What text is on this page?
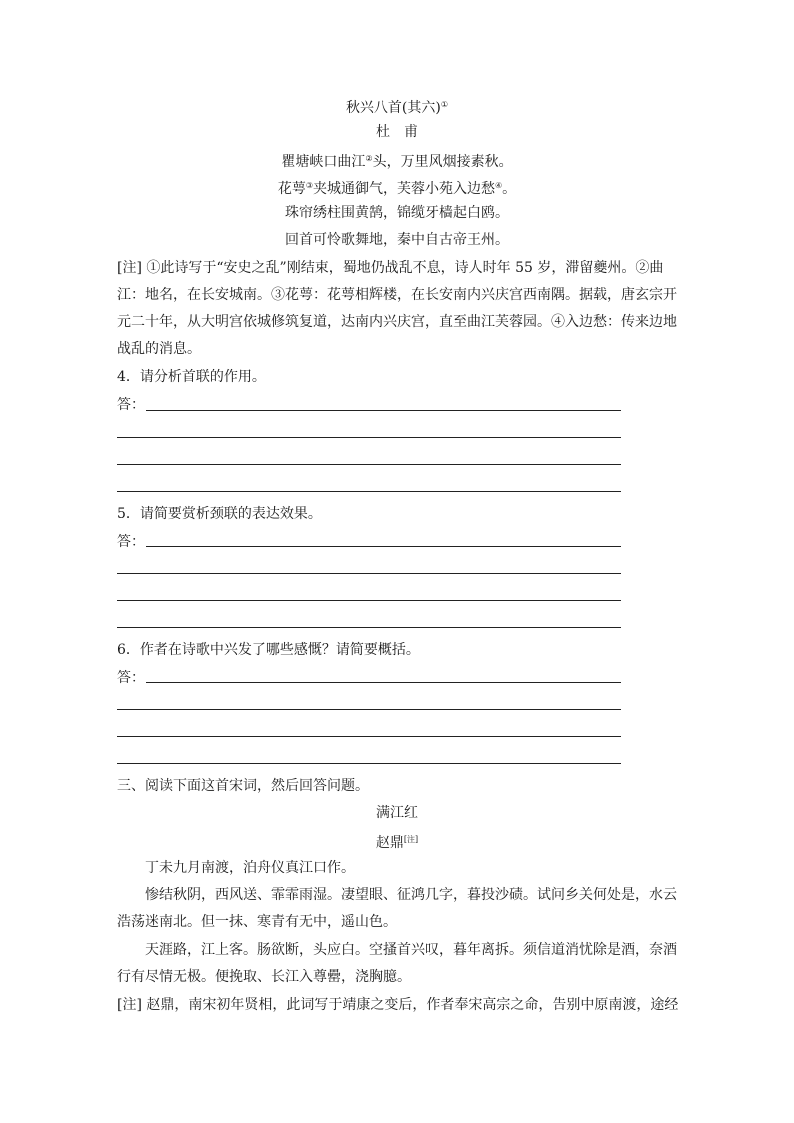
秋兴八首(其六)①
杜　甫
瞿塘峡口曲江②头，万里风烟接素秋。
花萼③夹城通御气，芙蓉小苑入边愁④。
珠帘绣柱围黄鹄，锦缆牙樯起白鸥。
回首可怜歌舞地，秦中自古帝王州。
[注] ①此诗写于“安史之乱”刚结束，蜀地仍战乱不息，诗人时年 55 岁，滞留夔州。②曲
江：地名，在长安城南。③花萼：花萼相辉楼，在长安南内兴庆宫西南隅。据载，唐玄宗开
元二十年，从大明宫依城修筑复道，达南内兴庆宫，直至曲江芙蓉园。④入边愁：传来边地
战乱的消息。
4．请分析首联的作用。
答：
5．请简要赏析颈联的表达效果。
答：
6．作者在诗歌中兴发了哪些感慨？请简要概括。
答：
三、阅读下面这首宋词，然后回答问题。
满江红
赵鼎[注]
丁未九月南渡，泊舟仪真江口作。
惨结秋阴，西风送、霏霏雨湿。凄望眼、征鸿几字，暮投沙碛。试问乡关何处是，水云
浩荡迷南北。但一抹、寒青有无中，遥山色。
天涯路，江上客。肠欲断，头应白。空搔首兴叹，暮年离拆。须信道消忧除是酒，奈酒
行有尽情无极。便挽取、长江入尊罍，浇胸臆。
[注] 赵鼎，南宋初年贤相，此词写于靖康之变后，作者奉宋高宗之命，告别中原南渡，途经
